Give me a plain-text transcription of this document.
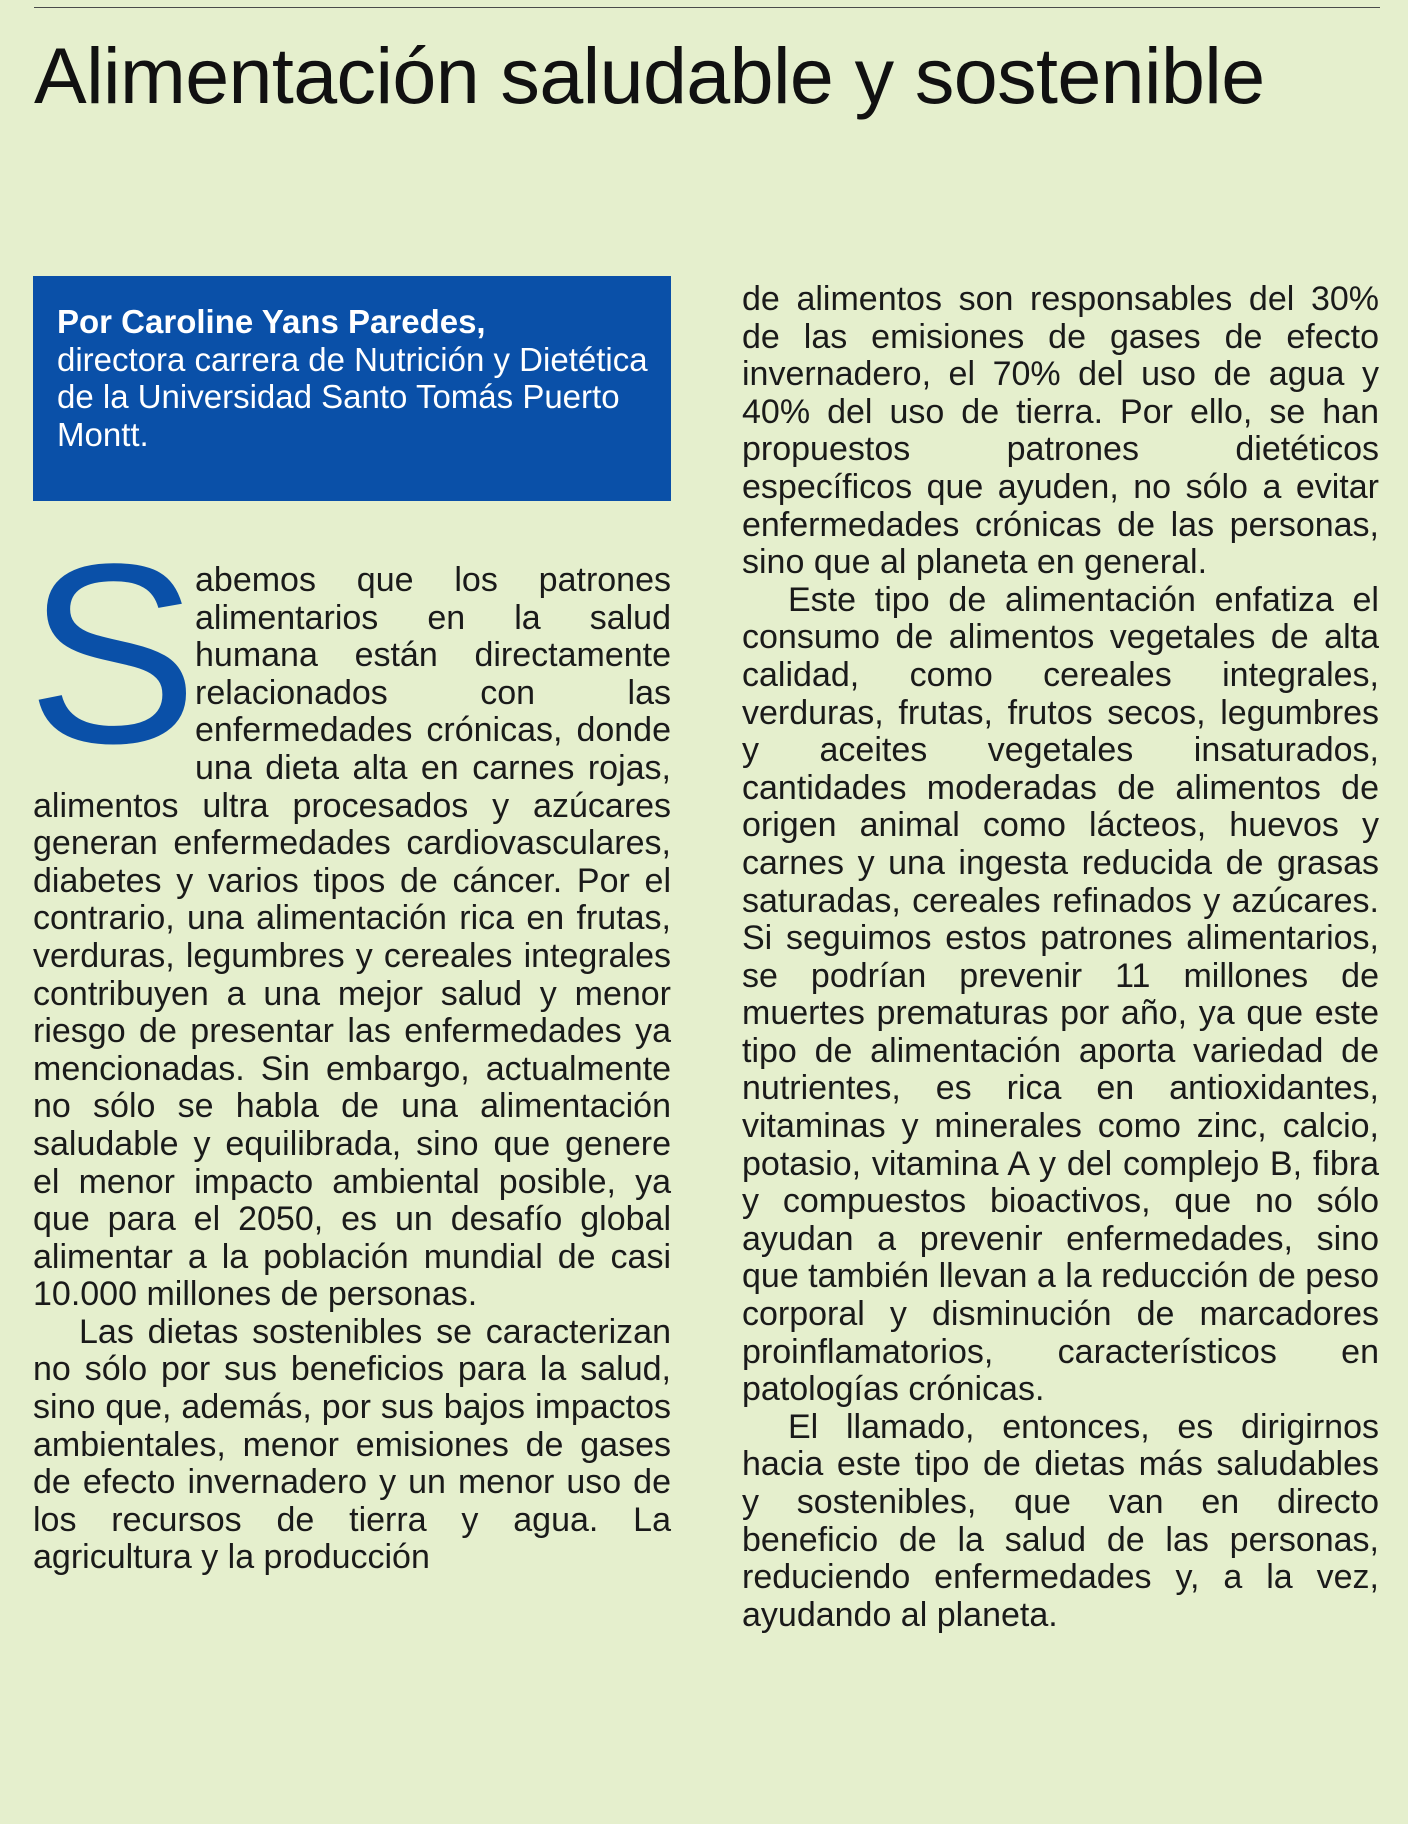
Alimentación saludable y sostenible
Por Caroline Yans Paredes,
directora carrera de Nutrición y Dietética de la Universidad Santo Tomás Puerto Montt.
S

abemos que los patrones alimentarios en la salud humana están directamente relacionados con las enfermedades crónicas, donde una dieta alta en carnes rojas, alimentos ultra procesados y azúcares generan enfermedades cardiovasculares, diabetes y varios tipos de cáncer. Por el contrario, una alimentación rica en frutas, verduras, legumbres y cereales integrales contribuyen a una mejor salud y menor riesgo de presentar las enfermedades ya mencionadas. Sin embargo, actualmente no sólo se habla de una alimentación saludable y equilibrada, sino que genere el menor impacto ambiental posible, ya que para el 2050, es un desafío global alimentar a la población mundial de casi 10.000 millones de personas.

Las dietas sostenibles se caracterizan no sólo por sus beneficios para la salud, sino que, además, por sus bajos impactos ambientales, menor emisiones de gases de efecto invernadero y un menor uso de los recursos de tierra y agua. La agricultura y la producción

de alimentos son responsables del 30% de las emisiones de gases de efecto invernadero, el 70% del uso de agua y 40% del uso de tierra. Por ello, se han propuestos patrones dietéticos específicos que ayuden, no sólo a evitar enfermedades crónicas de las personas, sino que al planeta en general.

Este tipo de alimentación enfatiza el consumo de alimentos vegetales de alta calidad, como cereales integrales, verduras, frutas, frutos secos, legumbres y aceites vegetales insaturados, cantidades moderadas de alimentos de origen animal como lácteos, huevos y carnes y una ingesta reducida de grasas saturadas, cereales refinados y azúcares. Si seguimos estos patrones alimentarios, se podrían prevenir 11 millones de muertes prematuras por año, ya que este tipo de alimentación aporta variedad de nutrientes, es rica en antioxidantes, vitaminas y minerales como zinc, calcio, potasio, vitamina A y del complejo B, fibra y compuestos bioactivos, que no sólo ayudan a prevenir enfermedades, sino que también llevan a la reducción de peso corporal y disminución de marcadores proinflamatorios, característicos en patologías crónicas.

El llamado, entonces, es dirigirnos hacia este tipo de dietas más saludables y sostenibles, que van en directo beneficio de la salud de las personas, reduciendo enfermedades y, a la vez, ayudando al planeta.
